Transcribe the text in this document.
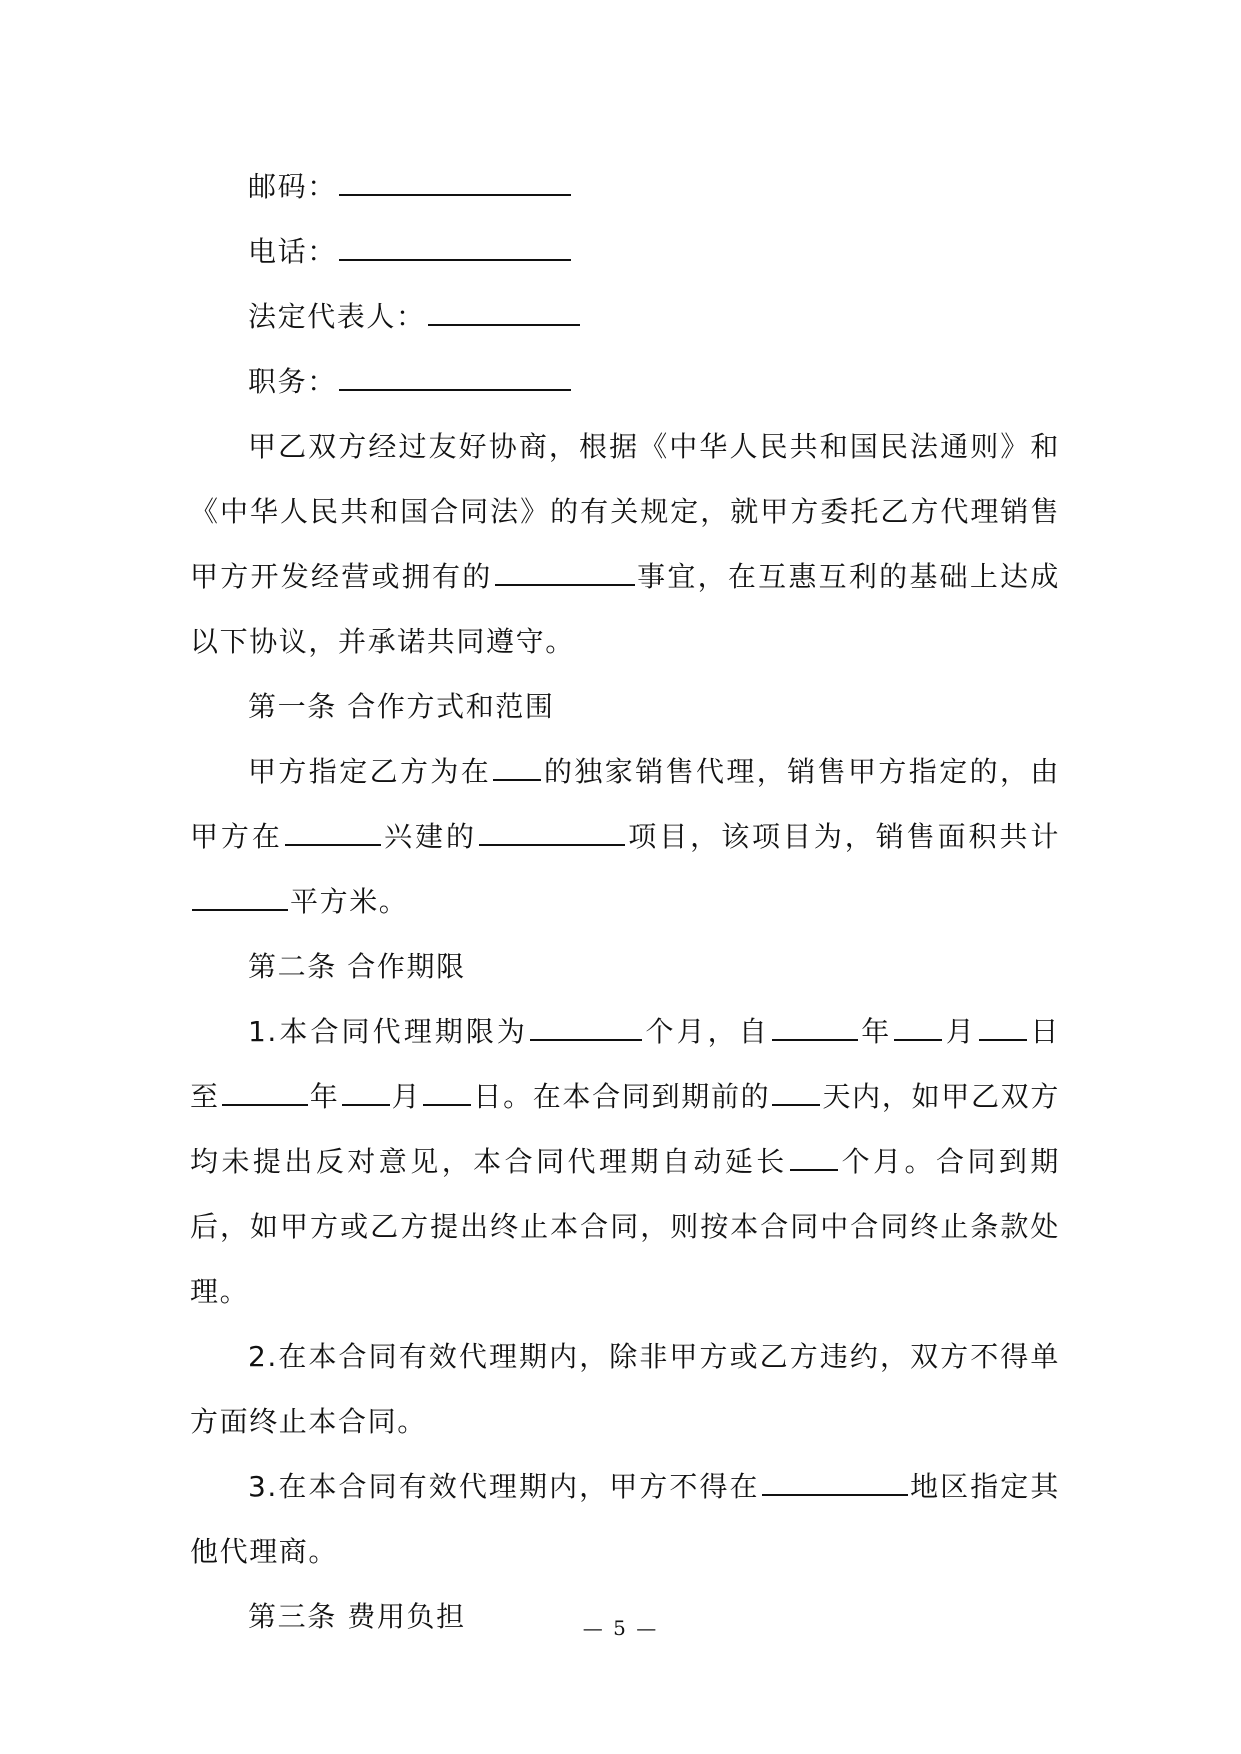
邮码：

电话：

法定代表人：

职务：

甲乙双方经过友好协商，根据《中华人民共和国民法通则》和《中华人民共和国合同法》的有关规定，就甲方委托乙方代理销售甲方开发经营或拥有的	事宜，在互惠互利的基础上达成以下协议，并承诺共同遵守。

第一条 合作方式和范围

甲方指定乙方为在 的独家销售代理，销售甲方指定的，由甲方在	兴建的	项目，该项目为，销售面积共计平方米。

第二条 合作期限

1.本合同代理期限为	个月，自	年 月 日至	年 月 日。在本合同到期前的 天内，如甲乙双方均未提出反对意见，本合同代理期自动延长 个月。合同到期后，如甲方或乙方提出终止本合同，则按本合同中合同终止条款处理。

2.在本合同有效代理期内，除非甲方或乙方违约，双方不得单方面终止本合同。

3.在本合同有效代理期内，甲方不得在	地区指定其他代理商。

第三条 费用负担	— 5 —
